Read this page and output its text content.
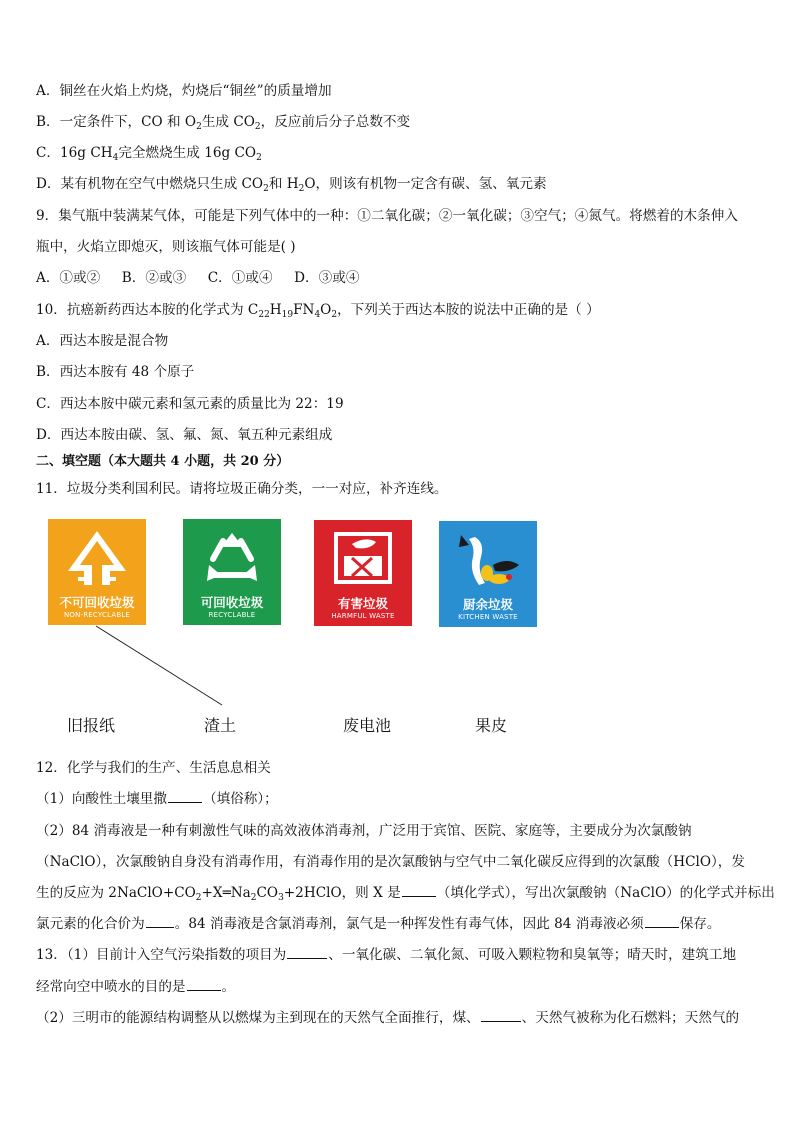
A．铜丝在火焰上灼烧，灼烧后“铜丝”的质量增加
B．一定条件下，CO 和 $O_2$生成 $CO_2$，反应前后分子总数不变
C．16g $CH_4$完全燃烧生成 16g $CO_2$
D．某有机物在空气中燃烧只生成 $CO_2$和 $H_2O$，则该有机物一定含有碳、氢、氧元素
9．集气瓶中装满某气体，可能是下列气体中的一种：①二氧化碳；②一氧化碳；③空气；④氮气。将燃着的木条伸入
瓶中，火焰立即熄灭，则该瓶气体可能是( )
A．①或②     B．②或③     C．①或④     D．③或④
10．抗癌新药西达本胺的化学式为 $C_{22}H_{19}FN_4O_2$，下列关于西达本胺的说法中正确的是（ ）
A．西达本胺是混合物
B．西达本胺有 48 个原子
C．西达本胺中碳元素和氢元素的质量比为 22：19
D．西达本胺由碳、氢、氟、氮、氧五种元素组成
二、填空题（本大题共 4 小题，共 20 分）
11．垃圾分类利国利民。请将垃圾正确分类，一一对应，补齐连线。
不可回收垃圾
NON-RECYCLABLE
可回收垃圾
RECYCLABLE
有害垃圾
HARMFUL WASTE
厨余垃圾
KITCHEN WASTE
旧报纸	渣土	废电池	果皮
12．化学与我们的生产、生活息息相关
（1）向酸性土壤里撒	（填俗称）；
（2）84 消毒液是一种有刺激性气味的高效液体消毒剂，广泛用于宾馆、医院、家庭等，主要成分为次氯酸钠
（NaClO），次氯酸钠自身没有消毒作用，有消毒作用的是次氯酸钠与空气中二氧化碳反应得到的次氯酸（HClO），发
生的反应为 $2NaClO+CO_2+X═Na_2CO_3+2HClO$，则 X 是	（填化学式），写出次氯酸钠（NaClO）的化学式并标出
氯元素的化合价为 。84 消毒液是含氯消毒剂，氯气是一种挥发性有毒气体，因此 84 消毒液必须	保存。
13．（1）目前计入空气污染指数的项目为	、一氧化碳、二氧化氮、可吸入颗粒物和臭氧等；晴天时，建筑工地
经常向空中喷水的目的是	。
（2）三明市的能源结构调整从以燃煤为主到现在的天然气全面推行，煤、	、天然气被称为化石燃料；天然气的
